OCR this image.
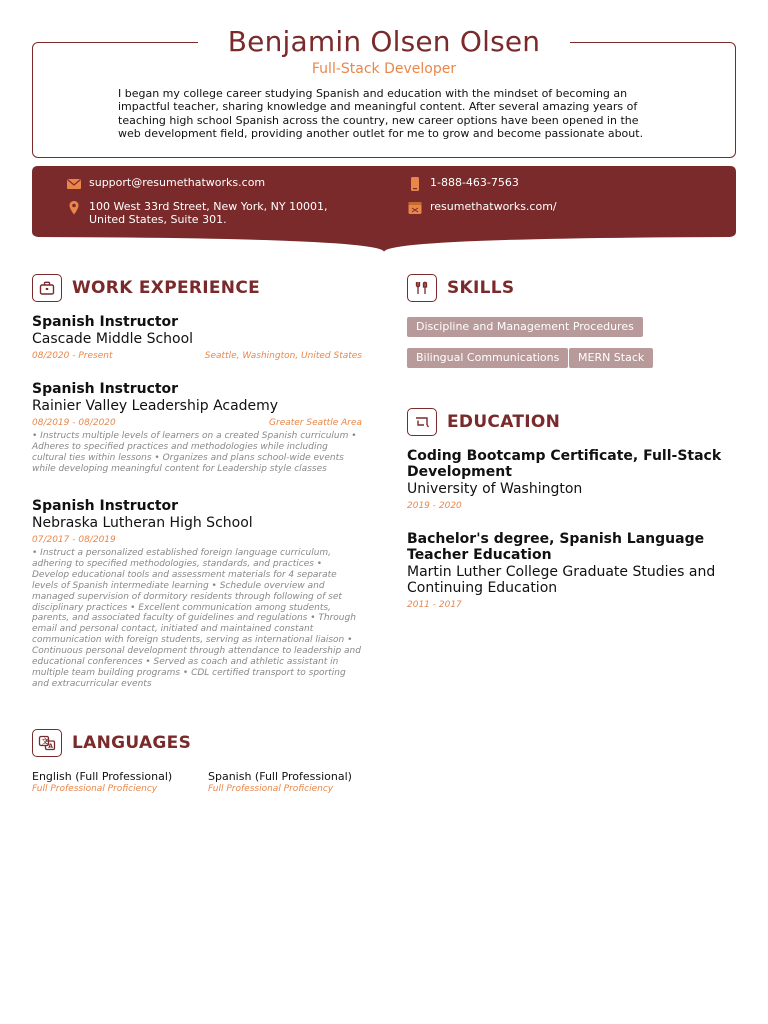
Benjamin Olsen Olsen
Full-Stack Developer
I began my college career studying Spanish and education with the mindset of becoming an impactful teacher, sharing knowledge and meaningful content. After several amazing years of teaching high school Spanish across the country, new career options have been opened in the web development field, providing another outlet for me to grow and become passionate about.
support@resumethatworks.com	1-888-463-7563
100 West 33rd Street, New York, NY 10001,
United States, Suite 301.
resumethatworks.com/
WORK EXPERIENCE
Spanish Instructor
Cascade Middle School
08/2020 - Present	Seattle, Washington, United States
Spanish Instructor
Rainier Valley Leadership Academy
08/2019 - 08/2020	Greater Seattle Area
• Instructs multiple levels of learners on a created Spanish curriculum • Adheres to specified practices and methodologies while including cultural ties within lessons • Organizes and plans school-wide events while developing meaningful content for Leadership style classes
Spanish Instructor
Nebraska Lutheran High School
07/2017 - 08/2019
• Instruct a personalized established foreign language curriculum, adhering to specified methodologies, standards, and practices • Develop educational tools and assessment materials for 4 separate levels of Spanish intermediate learning • Schedule overview and managed supervision of dormitory residents through following of set disciplinary practices • Excellent communication among students, parents, and associated faculty of guidelines and regulations • Through email and personal contact, initiated and maintained constant communication with foreign students, serving as international liaison • Continuous personal development through attendance to leadership and educational conferences • Served as coach and athletic assistant in multiple team building programs • CDL certified transport to sporting and extracurricular events
SKILLS
Discipline and Management Procedures
Bilingual Communications	MERN Stack
EDUCATION
Coding Bootcamp Certificate, Full-Stack Development
University of Washington
2019 - 2020
Bachelor's degree, Spanish Language Teacher Education
Martin Luther College Graduate Studies and Continuing Education
2011 - 2017
文
A LANGUAGES
English (Full Professional)
Full Professional Proficiency
Spanish (Full Professional)
Full Professional Proficiency
